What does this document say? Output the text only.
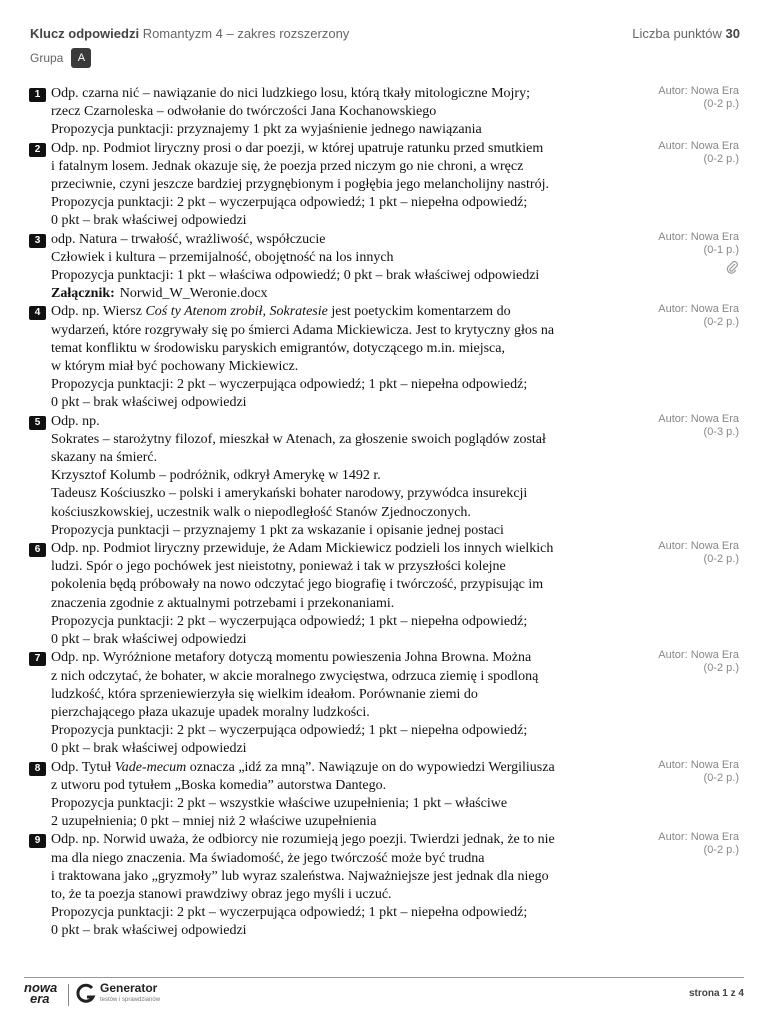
Klucz odpowiedzi Romantyzm 4 – zakres rozszerzony	Liczba punktów 30
Grupa	A
1 Odp. czarna nić – nawiązanie do nici ludzkiego losu, którą tkały mitologiczne Mojry;

rzecz Czarnoleska – odwołanie do twórczości Jana Kochanowskiego

Propozycja punktacji: przyznajemy 1 pkt za wyjaśnienie jednego nawiązania

Autor: Nowa Era
(0-2 p.)
2 Odp. np. Podmiot liryczny prosi o dar poezji, w której upatruje ratunku przed smutkiem

i fatalnym losem. Jednak okazuje się, że poezja przed niczym go nie chroni, a wręcz

przeciwnie, czyni jeszcze bardziej przygnębionym i pogłębia jego melancholijny nastrój.

Propozycja punktacji: 2 pkt – wyczerpująca odpowiedź; 1 pkt – niepełna odpowiedź;

0 pkt – brak właściwej odpowiedzi

Autor: Nowa Era
(0-2 p.)
3 odp. Natura – trwałość, wrażliwość, współczucie

Człowiek i kultura – przemijalność, obojętność na los innych

Propozycja punktacji: 1 pkt – właściwa odpowiedź; 0 pkt – brak właściwej odpowiedzi

Załącznik: Norwid_W_Weronie.docx

Autor: Nowa Era
(0-1 p.)
4 Odp. np. Wiersz Coś ty Atenom zrobił, Sokratesie jest poetyckim komentarzem do

wydarzeń, które rozgrywały się po śmierci Adama Mickiewicza. Jest to krytyczny głos na

temat konfliktu w środowisku paryskich emigrantów, dotyczącego m.in. miejsca,

w którym miał być pochowany Mickiewicz.

Propozycja punktacji: 2 pkt – wyczerpująca odpowiedź; 1 pkt – niepełna odpowiedź;

0 pkt – brak właściwej odpowiedzi

Autor: Nowa Era
(0-2 p.)
5 Odp. np.

Sokrates – starożytny filozof, mieszkał w Atenach, za głoszenie swoich poglądów został

skazany na śmierć.

Krzysztof Kolumb – podróżnik, odkrył Amerykę w 1492 r.

Tadeusz Kościuszko – polski i amerykański bohater narodowy, przywódca insurekcji

kościuszkowskiej, uczestnik walk o niepodległość Stanów Zjednoczonych.

Propozycja punktacji – przyznajemy 1 pkt za wskazanie i opisanie jednej postaci

Autor: Nowa Era
(0-3 p.)
6 Odp. np. Podmiot liryczny przewiduje, że Adam Mickiewicz podzieli los innych wielkich

ludzi. Spór o jego pochówek jest nieistotny, ponieważ i tak w przyszłości kolejne

pokolenia będą próbowały na nowo odczytać jego biografię i twórczość, przypisując im

znaczenia zgodnie z aktualnymi potrzebami i przekonaniami.

Propozycja punktacji: 2 pkt – wyczerpująca odpowiedź; 1 pkt – niepełna odpowiedź;

0 pkt – brak właściwej odpowiedzi

Autor: Nowa Era
(0-2 p.)
7 Odp. np. Wyróżnione metafory dotyczą momentu powieszenia Johna Browna. Można

z nich odczytać, że bohater, w akcie moralnego zwycięstwa, odrzuca ziemię i spodloną

ludzkość, która sprzeniewierzyła się wielkim ideałom. Porównanie ziemi do

pierzchającego płaza ukazuje upadek moralny ludzkości.

Propozycja punktacji: 2 pkt – wyczerpująca odpowiedź; 1 pkt – niepełna odpowiedź;

0 pkt – brak właściwej odpowiedzi

Autor: Nowa Era
(0-2 p.)
8 Odp. Tytuł Vade-mecum oznacza „idź za mną”. Nawiązuje on do wypowiedzi Wergiliusza

z utworu pod tytułem „Boska komedia” autorstwa Dantego.

Propozycja punktacji: 2 pkt – wszystkie właściwe uzupełnienia; 1 pkt – właściwe

2 uzupełnienia; 0 pkt – mniej niż 2 właściwe uzupełnienia

Autor: Nowa Era
(0-2 p.)
9 Odp. np. Norwid uważa, że odbiorcy nie rozumieją jego poezji. Twierdzi jednak, że to nie

ma dla niego znaczenia. Ma świadomość, że jego twórczość może być trudna

i traktowana jako „gryzmoły” lub wyraz szaleństwa. Najważniejsze jest jednak dla niego

to, że ta poezja stanowi prawdziwy obraz jego myśli i uczuć.

Propozycja punktacji: 2 pkt – wyczerpująca odpowiedź; 1 pkt – niepełna odpowiedź;

0 pkt – brak właściwej odpowiedzi

Autor: Nowa Era
(0-2 p.)
nowa
era
Generator
testów i sprawdzianów
strona 1 z 4
